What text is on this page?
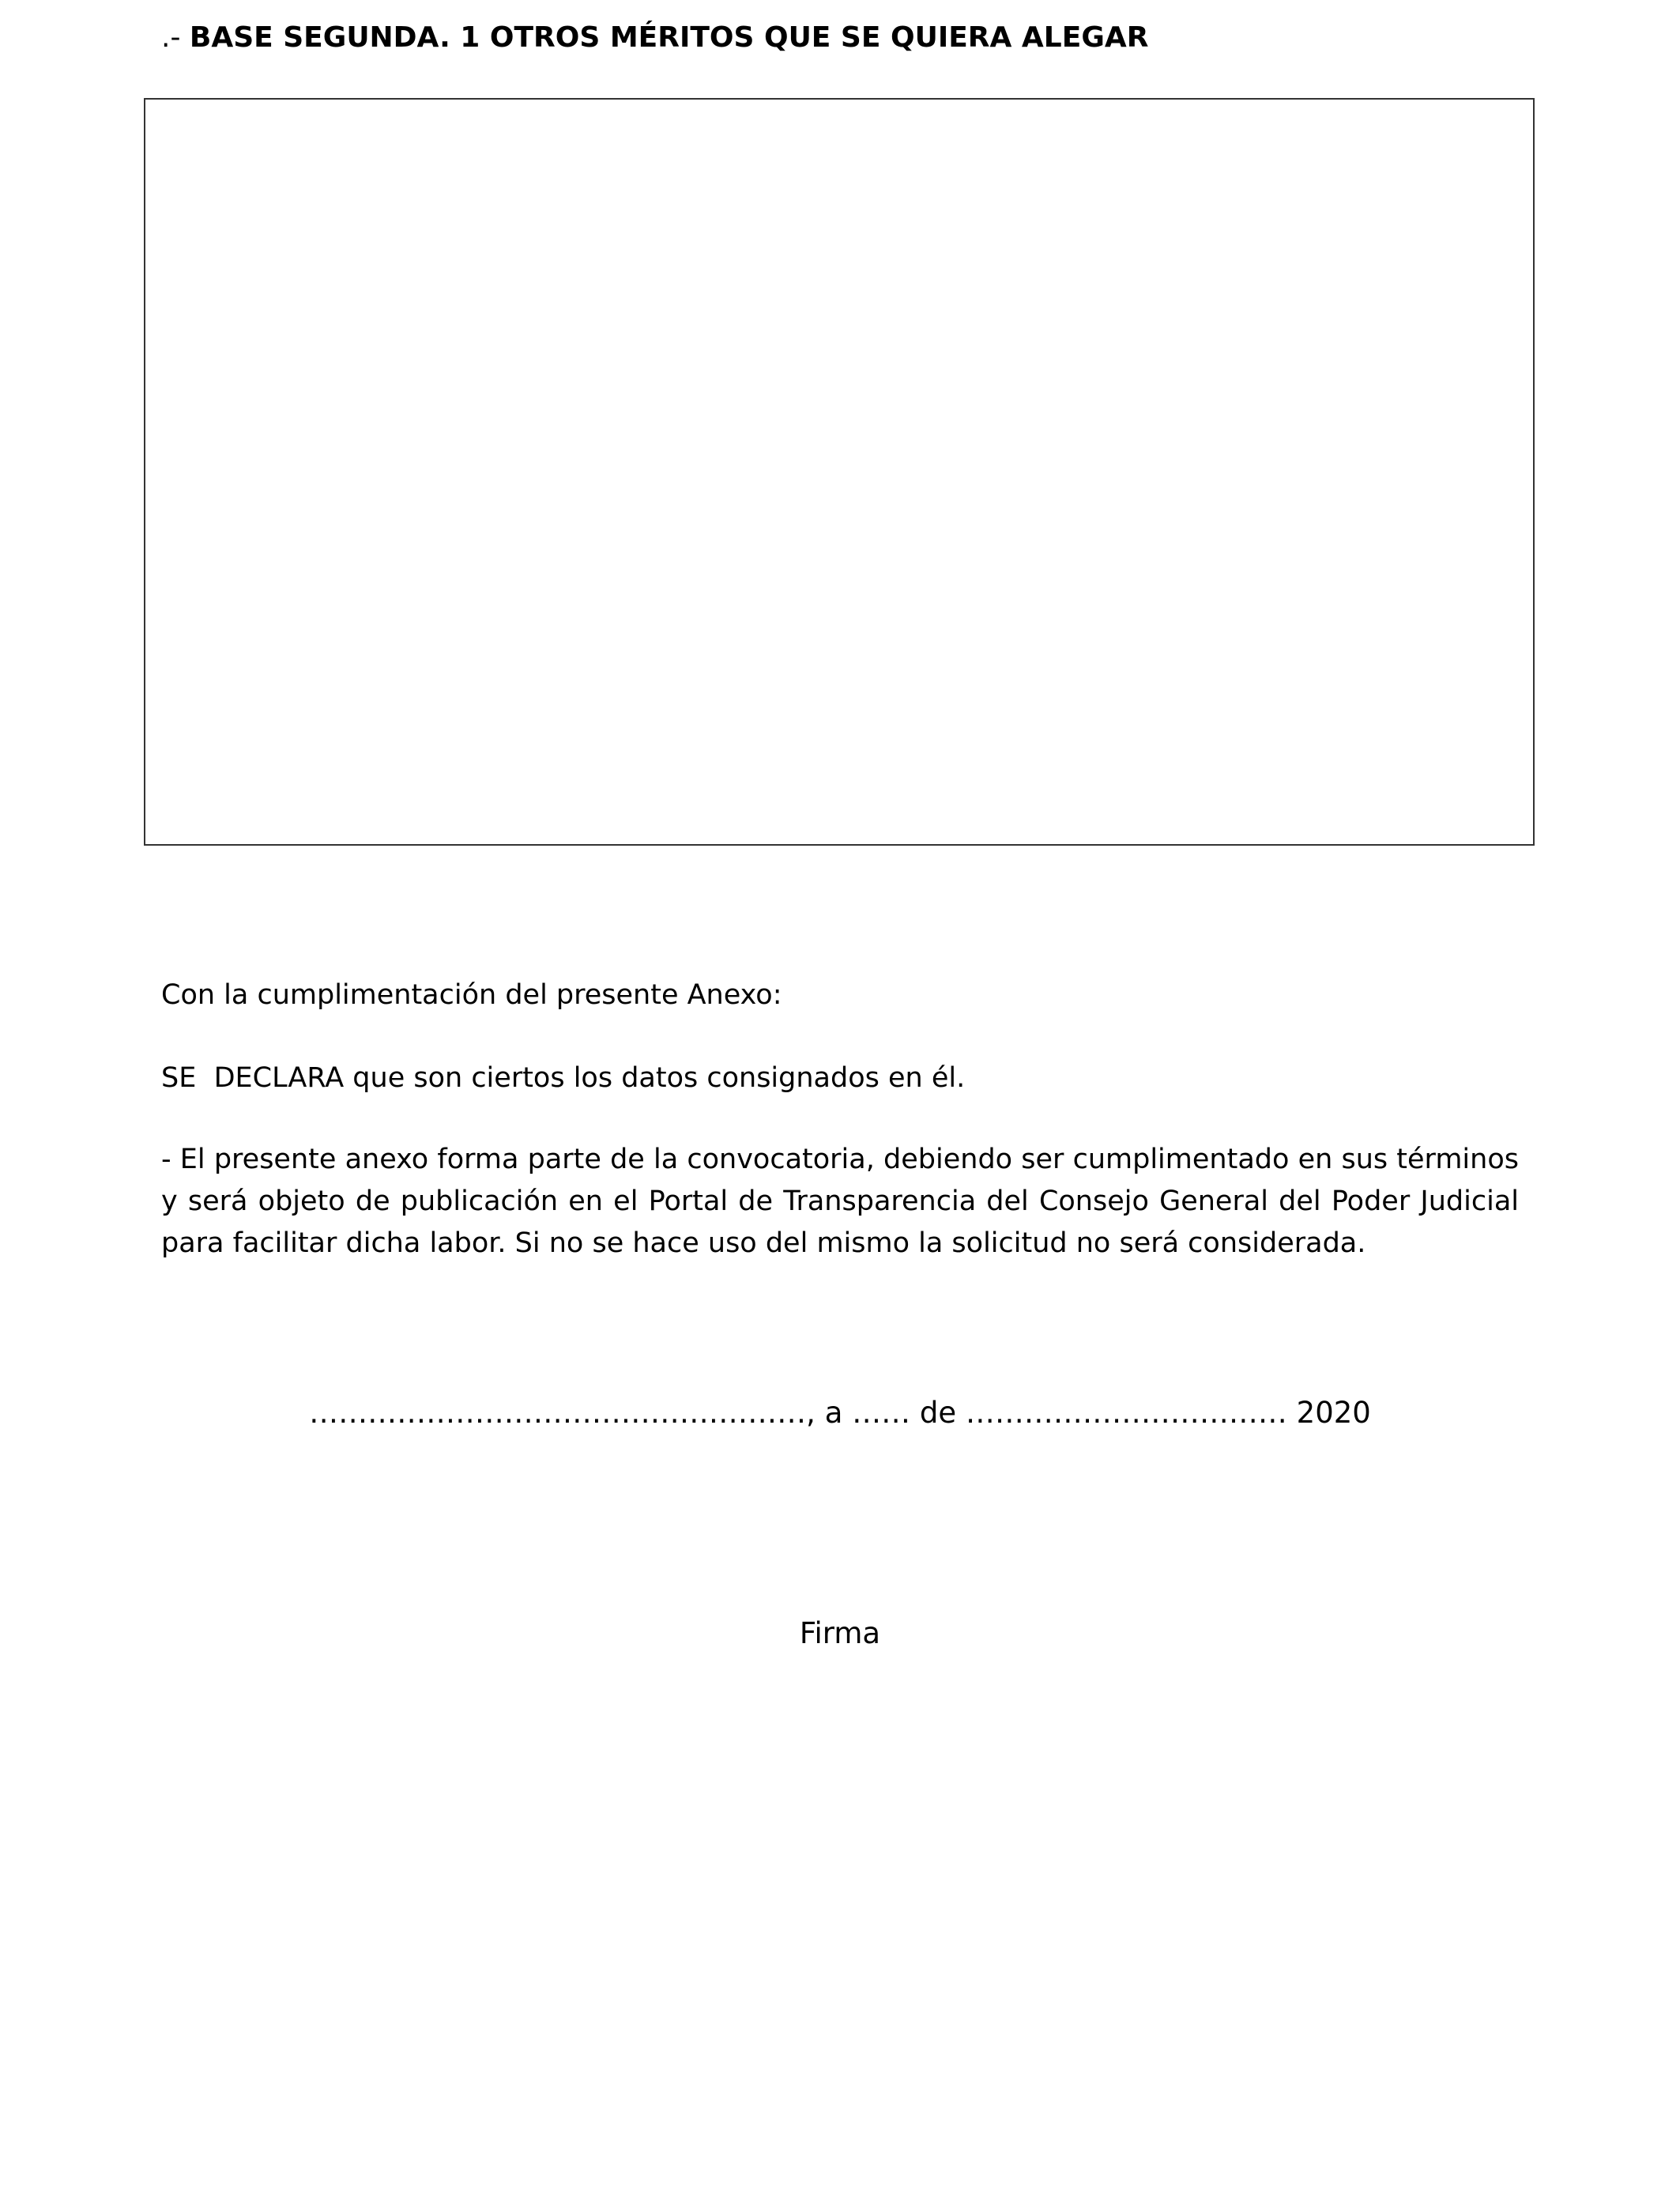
.- BASE SEGUNDA. 1 OTROS MÉRITOS QUE SE QUIERA ALEGAR

Con la cumplimentación del presente Anexo:

SE  DECLARA que son ciertos los datos consignados en él.

- El presente anexo forma parte de la convocatoria, debiendo ser cumplimentado en sus términos y será objeto de publicación en el Portal de Transparencia del Consejo General del Poder Judicial para facilitar dicha labor. Si no se hace uso del mismo la solicitud no será considerada.

……………………………………………, a …… de …………………………… 2020
Firma
